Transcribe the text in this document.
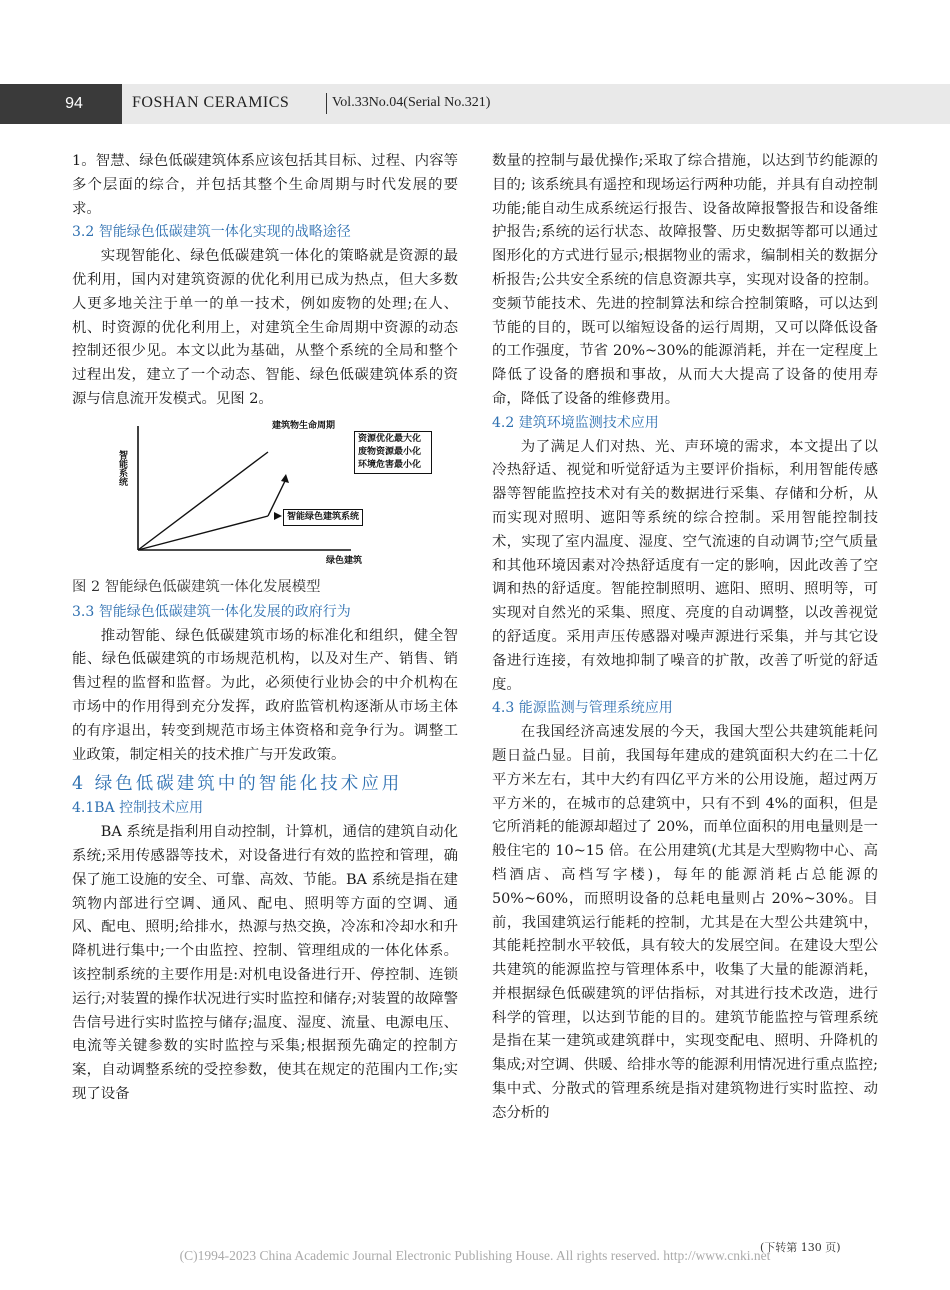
94	FOSHAN CERAMICS	Vol.33No.04(Serial No.321)

1。智慧、绿色低碳建筑体系应该包括其目标、过程、内容等多个层面的综合，并包括其整个生命周期与时代发展的要求。

3.2 智能绿色低碳建筑一体化实现的战略途径

实现智能化、绿色低碳建筑一体化的策略就是资源的最优利用，国内对建筑资源的优化利用已成为热点，但大多数人更多地关注于单一的单一技术，例如废物的处理;在人、机、时资源的优化利用上，对建筑全生命周期中资源的动态控制还很少见。本文以此为基础，从整个系统的全局和整个过程出发，建立了一个动态、智能、绿色低碳建筑体系的资源与信息流开发模式。见图 2。

智能系统
建筑物生命周期
资源优化最大化
废物资源最小化
环境危害最小化
智能绿色建筑系统
绿色建筑

图 2 智能绿色低碳建筑一体化发展模型

3.3 智能绿色低碳建筑一体化发展的政府行为

推动智能、绿色低碳建筑市场的标准化和组织，健全智能、绿色低碳建筑的市场规范机构，以及对生产、销售、销售过程的监督和监督。为此，必须使行业协会的中介机构在市场中的作用得到充分发挥，政府监管机构逐渐从市场主体的有序退出，转变到规范市场主体资格和竞争行为。调整工业政策，制定相关的技术推广与开发政策。

4 绿色低碳建筑中的智能化技术应用
4.1BA 控制技术应用

BA 系统是指利用自动控制，计算机，通信的建筑自动化系统;采用传感器等技术，对设备进行有效的监控和管理，确保了施工设施的安全、可靠、高效、节能。BA 系统是指在建筑物内部进行空调、通风、配电、照明等方面的空调、通风、配电、照明;给排水，热源与热交换，冷冻和冷却水和升降机进行集中;一个由监控、控制、管理组成的一体化体系。该控制系统的主要作用是:对机电设备进行开、停控制、连锁运行;对装置的操作状况进行实时监控和储存;对装置的故障警告信号进行实时监控与储存;温度、湿度、流量、电源电压、电流等关键参数的实时监控与采集;根据预先确定的控制方案，自动调整系统的受控参数，使其在规定的范围内工作;实现了设备

数量的控制与最优操作;采取了综合措施，以达到节约能源的目的; 该系统具有遥控和现场运行两种功能，并具有自动控制功能;能自动生成系统运行报告、设备故障报警报告和设备维护报告;系统的运行状态、故障报警、历史数据等都可以通过图形化的方式进行显示;根据物业的需求，编制相关的数据分析报告;公共安全系统的信息资源共享，实现对设备的控制。变频节能技术、先进的控制算法和综合控制策略，可以达到节能的目的，既可以缩短设备的运行周期，又可以降低设备的工作强度，节省 20%~30%的能源消耗，并在一定程度上降低了设备的磨损和事故，从而大大提高了设备的使用寿命，降低了设备的维修费用。

4.2 建筑环境监测技术应用

为了满足人们对热、光、声环境的需求，本文提出了以冷热舒适、视觉和听觉舒适为主要评价指标，利用智能传感器等智能监控技术对有关的数据进行采集、存储和分析，从而实现对照明、遮阳等系统的综合控制。采用智能控制技术，实现了室内温度、湿度、空气流速的自动调节;空气质量和其他环境因素对冷热舒适度有一定的影响，因此改善了空调和热的舒适度。智能控制照明、遮阳、照明、照明等，可实现对自然光的采集、照度、亮度的自动调整，以改善视觉的舒适度。采用声压传感器对噪声源进行采集，并与其它设备进行连接，有效地抑制了噪音的扩散，改善了听觉的舒适度。

4.3 能源监测与管理系统应用

在我国经济高速发展的今天，我国大型公共建筑能耗问题日益凸显。目前，我国每年建成的建筑面积大约在二十亿平方米左右，其中大约有四亿平方米的公用设施，超过两万平方米的，在城市的总建筑中，只有不到 4%的面积，但是它所消耗的能源却超过了 20%，而单位面积的用电量则是一般住宅的 10~15 倍。在公用建筑(尤其是大型购物中心、高档酒店、高档写字楼)，每年的能源消耗占总能源的 50%~60%，而照明设备的总耗电量则占 20%~30%。目前，我国建筑运行能耗的控制，尤其是在大型公共建筑中，其能耗控制水平较低，具有较大的发展空间。在建设大型公共建筑的能源监控与管理体系中，收集了大量的能源消耗，并根据绿色低碳建筑的评估指标，对其进行技术改造，进行科学的管理，以达到节能的目的。建筑节能监控与管理系统是指在某一建筑或建筑群中，实现变配电、照明、升降机的集成;对空调、供暖、给排水等的能源利用情况进行重点监控;集中式、分散式的管理系统是指对建筑物进行实时监控、动态分析的

(下转第 130 页)
(C)1994-2023 China Academic Journal Electronic Publishing House. All rights reserved. http://www.cnki.net
